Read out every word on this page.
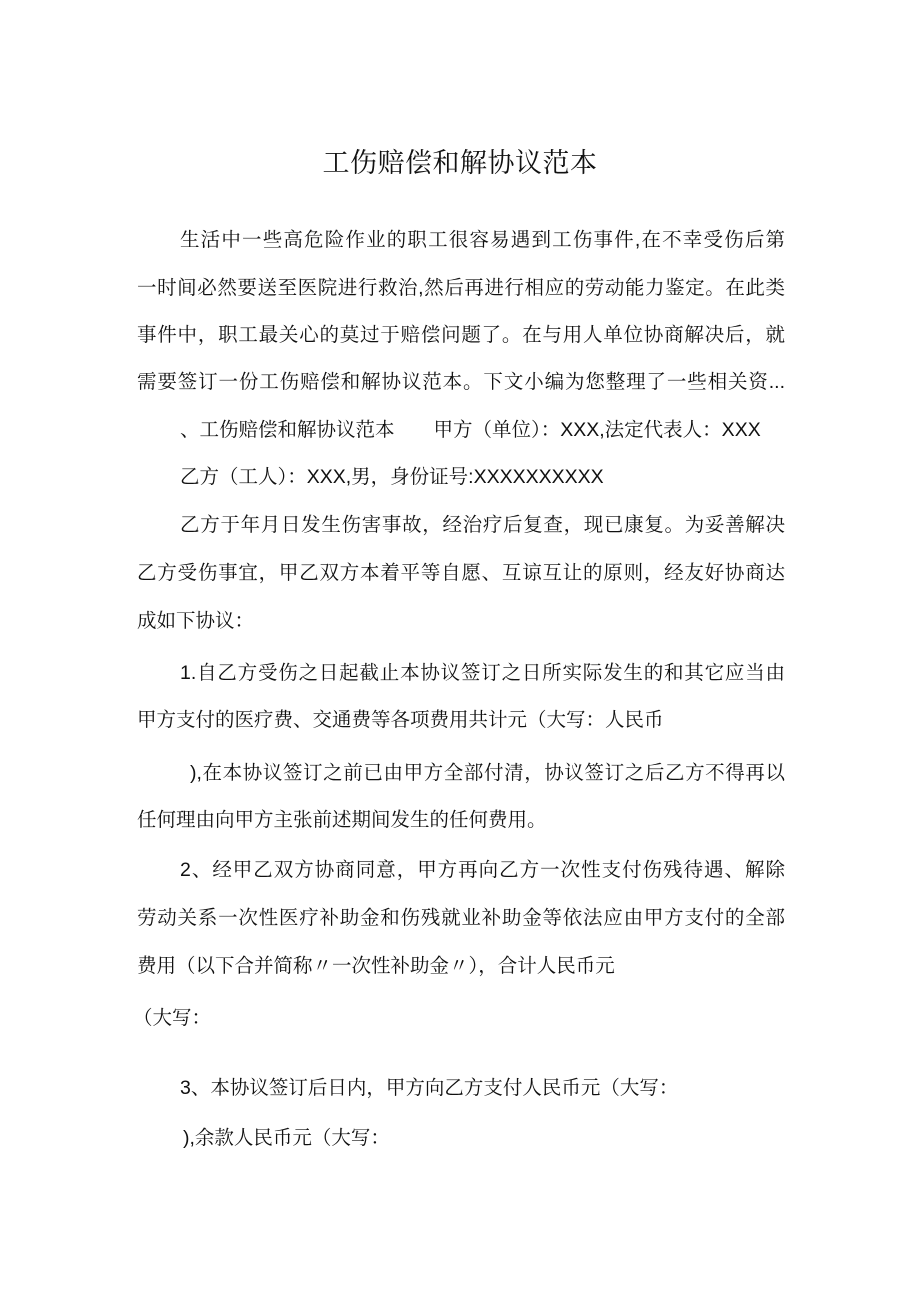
工伤赔偿和解协议范本
生活中一些高危险作业的职工很容易遇到工伤事件,在不幸受伤后第
一时间必然要送至医院进行救治,然后再进行相应的劳动能力鉴定。在此类
事件中，职工最关心的莫过于赔偿问题了。在与用人单位协商解决后，就
需要签订一份工伤赔偿和解协议范本。下文小编为您整理了一些相关资...
、工伤赔偿和解协议范本　　甲方（单位）：XXX,法定代表人：XXX
乙方（工人）：XXX,男，身份证号:XXXXXXXXXX
乙方于年月日发生伤害事故，经治疗后复查，现已康复。为妥善解决
乙方受伤事宜，甲乙双方本着平等自愿、互谅互让的原则，经友好协商达
成如下协议：
1.自乙方受伤之日起截止本协议签订之日所实际发生的和其它应当由
甲方支付的医疗费、交通费等各项费用共计元（大写：人民币
),在本协议签订之前已由甲方全部付清，协议签订之后乙方不得再以
任何理由向甲方主张前述期间发生的任何费用。
2、经甲乙双方协商同意，甲方再向乙方一次性支付伤残待遇、解除
劳动关系一次性医疗补助金和伤残就业补助金等依法应由甲方支付的全部
费用（以下合并简称〃一次性补助金〃），合计人民币元
（大写：
3、本协议签订后日内，甲方向乙方支付人民币元（大写：
),余款人民币元（大写：
